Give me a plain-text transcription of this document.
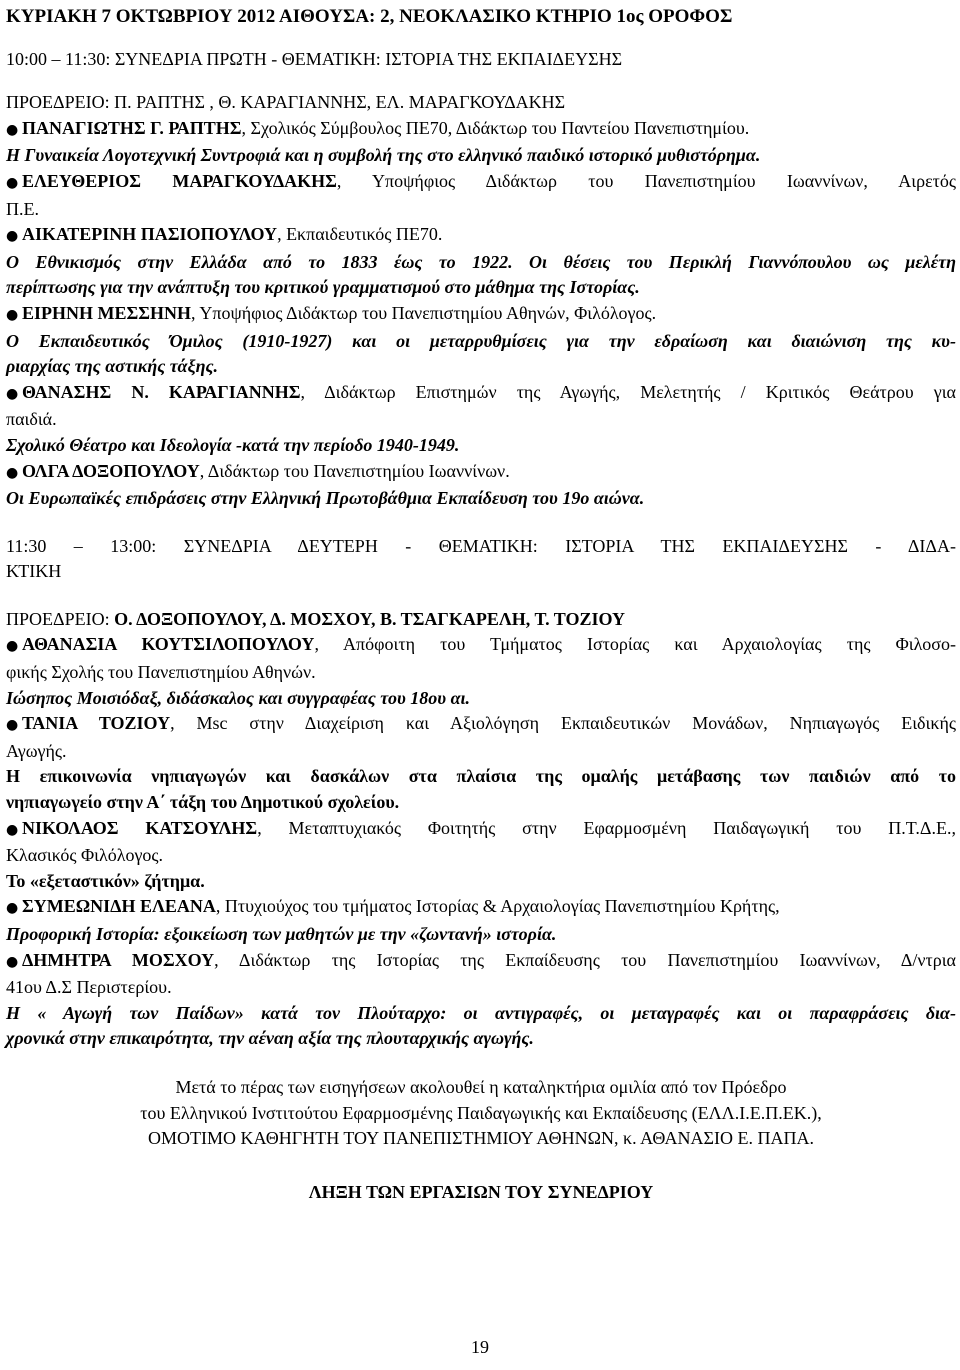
ΚΥΡΙΑΚΗ 7 ΟΚΤΩΒΡΙΟΥ 2012 ΑΙΘΟΥΣΑ: 2, ΝΕΟΚΛΑΣΙΚΟ ΚΤΗΡΙΟ 1ος ΟΡΟΦΟΣ
10:00 – 11:30: ΣΥΝΕΔΡΙΑ ΠΡΩΤΗ - ΘΕΜΑΤΙΚΗ: ΙΣΤΟΡΙΑ ΤΗΣ ΕΚΠΑΙΔΕΥΣΗΣ
ΠΡΟΕΔΡΕΙΟ: Π. ΡΑΠΤΗΣ , Θ. ΚΑΡΑΓΙΑΝΝΗΣ, ΕΛ. ΜΑΡΑΓΚΟΥΔΑΚΗΣ
● ΠΑΝΑΓΙΩΤΗΣ Γ. ΡΑΠΤΗΣ, Σχολικός Σύμβουλος ΠΕ70, Διδάκτωρ του Παντείου Πανεπιστημίου.
Η Γυναικεία Λογοτεχνική Συντροφιά και η συμβολή της στο ελληνικό παιδικό ιστορικό μυθιστόρημα.
● ΕΛΕΥΘΕΡΙΟΣ ΜΑΡΑΓΚΟΥΔΑΚΗΣ, Υποψήφιος Διδάκτωρ του Πανεπιστημίου Ιωαννίνων, Αιρετός
Π.Ε.
● ΑΙΚΑΤΕΡΙΝΗ ΠΑΣΙΟΠΟΥΛΟΥ, Εκπαιδευτικός ΠΕ70.
Ο Εθνικισμός στην Ελλάδα από το 1833 έως το 1922. Οι θέσεις του Περικλή Γιαννόπουλου ως μελέτη
περίπτωσης για την ανάπτυξη του κριτικού γραμματισμού στο μάθημα της Ιστορίας.
● ΕΙΡΗΝΗ ΜΕΣΣΗΝΗ, Υποψήφιος Διδάκτωρ του Πανεπιστημίου Αθηνών, Φιλόλογος.
Ο Εκπαιδευτικός Όμιλος (1910-1927) και οι μεταρρυθμίσεις για την εδραίωση και διαιώνιση της κυ-
ριαρχίας της αστικής τάξης.
● ΘΑΝΑΣΗΣ Ν. ΚΑΡΑΓΙΑΝΝΗΣ, Διδάκτωρ Επιστημών της Αγωγής, Μελετητής / Κριτικός Θεάτρου για
παιδιά.
Σχολικό Θέατρο και Ιδεολογία -κατά την περίοδο 1940-1949.
● ΟΛΓΑ ΔΟΞΟΠΟΥΛΟΥ, Διδάκτωρ του Πανεπιστημίου Ιωαννίνων.
Οι Ευρωπαϊκές επιδράσεις στην Ελληνική Πρωτοβάθμια Εκπαίδευση του 19ο αιώνα.
11:30 – 13:00: ΣΥΝΕΔΡΙΑ ΔΕΥΤΕΡΗ - ΘΕΜΑΤΙΚΗ: ΙΣΤΟΡΙΑ ΤΗΣ ΕΚΠΑΙΔΕΥΣΗΣ - ΔΙΔΑ-
ΚΤΙΚΗ
ΠΡΟΕΔΡΕΙΟ: Ο. ΔΟΞΟΠΟΥΛΟΥ, Δ. ΜΟΣΧΟΥ, Β. ΤΣΑΓΚΑΡΕΛΗ, Τ. ΤΟΖΙΟΥ
● ΑΘΑΝΑΣΙΑ ΚΟΥΤΣΙΛΟΠΟΥΛΟΥ, Απόφοιτη του Τμήματος Ιστορίας και Αρχαιολογίας της Φιλοσο-
φικής Σχολής του Πανεπιστημίου Αθηνών.
Ιώσηπος Μοισιόδαξ, διδάσκαλος και συγγραφέας του 18ου αι.
● ΤΑΝΙΑ ΤΟΖΙΟΥ, Msc στην Διαχείριση και Αξιολόγηση Εκπαιδευτικών Μονάδων, Νηπιαγωγός Ειδικής
Αγωγής.
Η επικοινωνία νηπιαγωγών και δασκάλων στα πλαίσια της ομαλής μετάβασης των παιδιών από το
νηπιαγωγείο στην Α΄ τάξη του Δημοτικού σχολείου.
● ΝΙΚΟΛΑΟΣ ΚΑΤΣΟΥΛΗΣ, Μεταπτυχιακός Φοιτητής στην Εφαρμοσμένη Παιδαγωγική του Π.Τ.Δ.Ε.,
Κλασικός Φιλόλογος.
Το «εξεταστικόν» ζήτημα.
● ΣΥΜΕΩΝΙΔΗ ΕΛΕΑΝΑ, Πτυχιούχος του τμήματος Ιστορίας & Αρχαιολογίας Πανεπιστημίου Κρήτης,
Προφορική Ιστορία: εξοικείωση των μαθητών με την «ζωντανή» ιστορία.
● ΔΗΜΗΤΡΑ ΜΟΣΧΟΥ, Διδάκτωρ της Ιστορίας της Εκπαίδευσης του Πανεπιστημίου Ιωαννίνων, Δ/ντρια
41ου Δ.Σ Περιστερίου.
Η « Αγωγή των Παίδων» κατά τον Πλούταρχο: οι αντιγραφές, οι μεταγραφές και οι παραφράσεις δια-
χρονικά στην επικαιρότητα, την αέναη αξία της πλουταρχικής αγωγής.
Μετά το πέρας των εισηγήσεων ακολουθεί η καταληκτήρια ομιλία από τον Πρόεδρο
του Ελληνικού Ινστιτούτου Εφαρμοσμένης Παιδαγωγικής και Εκπαίδευσης (ΕΛΛ.Ι.Ε.Π.ΕΚ.),
ΟΜΟΤΙΜΟ ΚΑΘΗΓΗΤΗ ΤΟΥ ΠΑΝΕΠΙΣΤΗΜΙΟΥ ΑΘΗΝΩΝ, κ. ΑΘΑΝΑΣΙΟ Ε. ΠΑΠΑ.
ΛΗΞΗ ΤΩΝ ΕΡΓΑΣΙΩΝ ΤΟΥ ΣΥΝΕΔΡΙΟΥ
19
